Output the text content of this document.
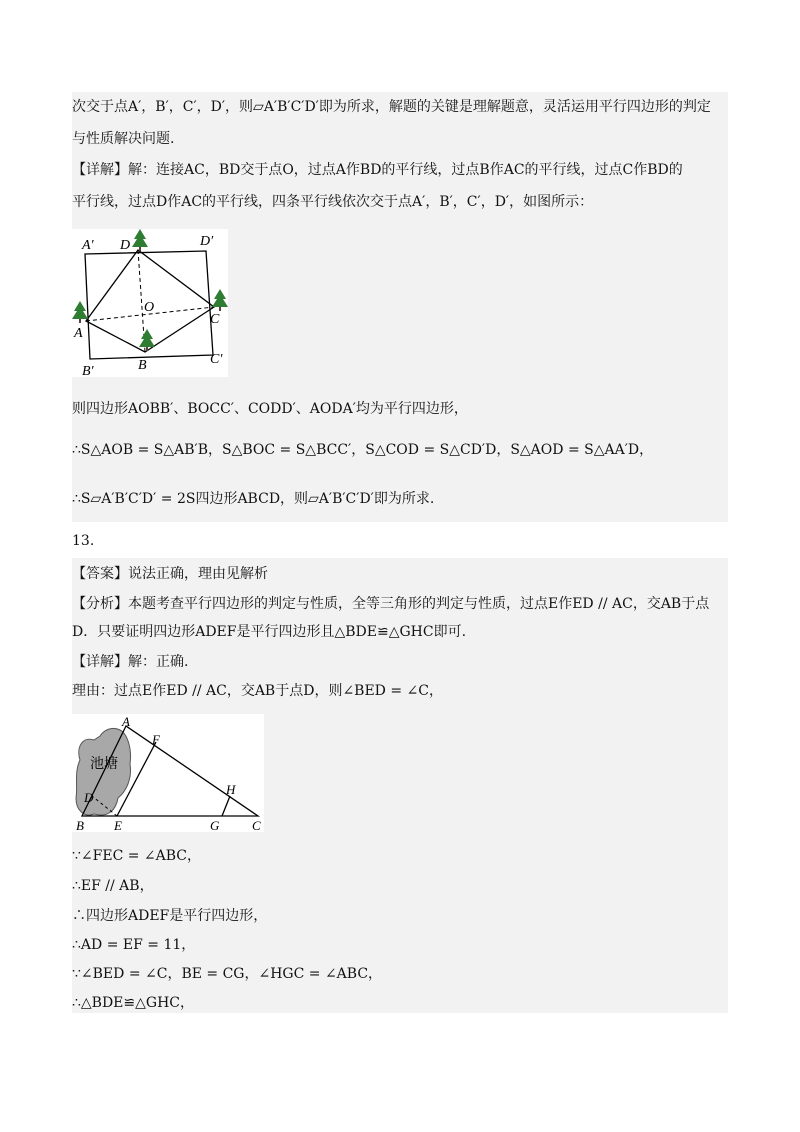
次交于点A′，B′，C′，D′，则▱A′B′C′D′即为所求，解题的关键是理解题意，灵活运用平行四边形的判定
与性质解决问题.
【详解】解：连接AC，BD交于点O，过点A作BD的平行线，过点B作AC的平行线，过点C作BD的
平行线，过点D作AC的平行线，四条平行线依次交于点A′，B′，C′，D′，如图所示：
A′ D	D′
O
A
C
C′
B
B′
则四边形AOBB′、BOCC′、CODD′、AODA′均为平行四边形，
∴S△AOB = S△AB′B，S△BOC = S△BCC′，S△COD = S△CD′D，S△AOD = S△AA′D，
∴S▱A′B′C′D′ = 2S四边形ABCD，则▱A′B′C′D′即为所求.
13.
【答案】说法正确，理由见解析
【分析】本题考查平行四边形的判定与性质，全等三角形的判定与性质，过点E作ED // AC，交AB于点
D．只要证明四边形ADEF是平行四边形且△BDE≌△GHC即可.
【详解】解：正确.
理由：过点E作ED // AC，交AB于点D，则∠BED = ∠C，
A
F
池塘
D
H
B E	G	C
∵∠FEC = ∠ABC，
∴EF // AB，
∴四边形ADEF是平行四边形，
∴AD = EF = 11，
∵∠BED = ∠C，BE = CG，∠HGC = ∠ABC，
∴△BDE≌△GHC，
